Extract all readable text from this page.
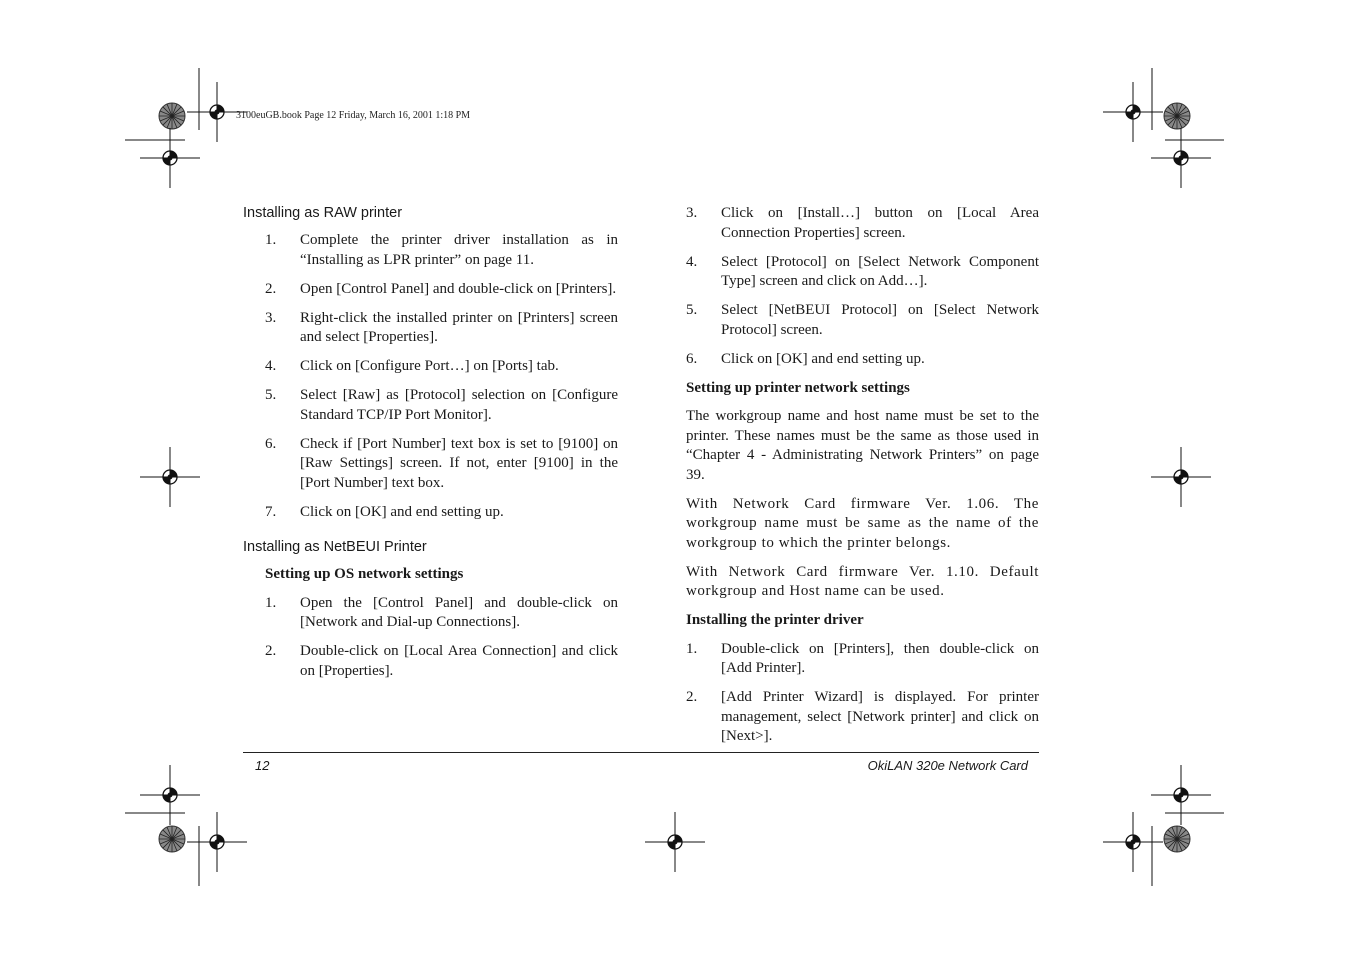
3100euGB.book Page 12 Friday, March 16, 2001 1:18 PM
Installing as RAW printer
1.	Complete the printer driver installation as in “Installing as LPR printer” on page 11.
2.	Open [Control Panel] and double-click on [Printers].
3.	Right-click the installed printer on [Printers] screen and select [Properties].
4.	Click on [Configure Port…] on [Ports] tab.
5.	Select [Raw] as [Protocol] selection on [Configure Standard TCP/IP Port Monitor].
6.	Check if [Port Number] text box is set to [9100] on [Raw Settings] screen. If not, enter [9100] in the [Port Number] text box.
7.	Click on [OK] and end setting up.
Installing as NetBEUI Printer
Setting up OS network settings
1.	Open the [Control Panel] and double-click on [Network and Dial-up Connections].
2.	Double-click on [Local Area Connection] and click on [Properties].
3.	Click on [Install…] button on [Local Area Connection Properties] screen.
4.	Select [Protocol] on [Select Network Component Type] screen and click on Add…].
5.	Select [NetBEUI Protocol] on [Select Network Protocol] screen.
6.	Click on [OK] and end setting up.
Setting up printer network settings

The workgroup name and host name must be set to the printer. These names must be the same as those used in “Chapter 4 - Administrating Network Printers” on page 39.

With Network Card firmware Ver. 1.06. The workgroup name must be same as the name of the workgroup to which the printer belongs.

With Network Card firmware Ver. 1.10. Default workgroup and Host name can be used.

Installing the printer driver
1.	Double-click on [Printers], then double-click on [Add Printer].
2.	[Add Printer Wizard] is displayed. For printer management, select [Network printer] and click on [Next>].
12	OkiLAN 320e Network Card
